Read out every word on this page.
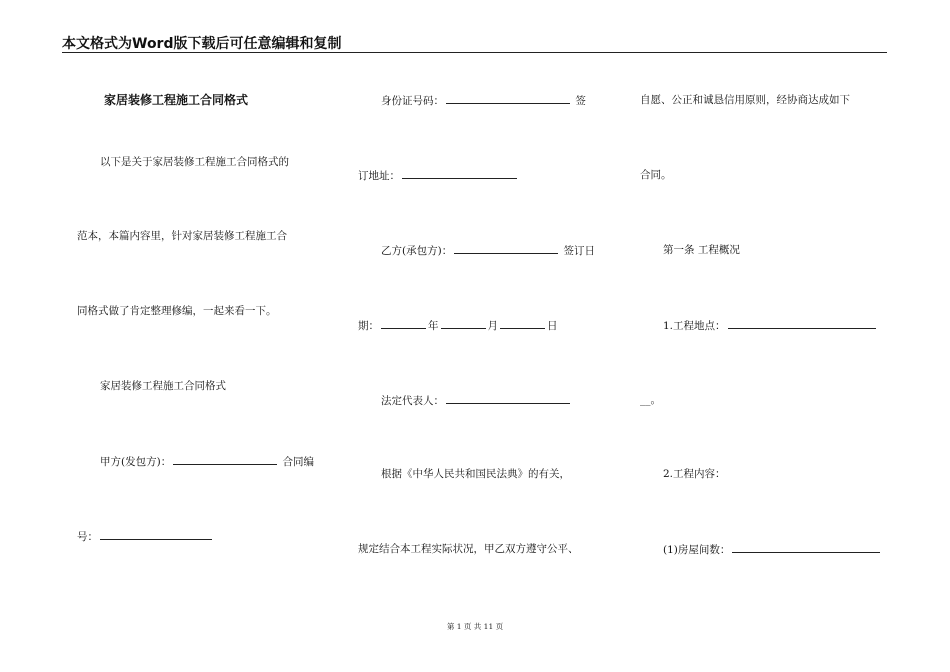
本文格式为Word版下载后可任意编辑和复制
家居装修工程施工合同格式
以下是关于家居装修工程施工合同格式的
范本，本篇内容里，针对家居装修工程施工合
同格式做了肯定整理修编，一起来看一下。
家居装修工程施工合同格式
甲方(发包方)：	合同编
号：
身份证号码：	签
订地址：
乙方(承包方)：	签订日
期：	年	月	日
法定代表人：
根据《中华人民共和国民法典》的有关，
规定结合本工程实际状况，甲乙双方遵守公平、
自愿、公正和诚恳信用原则，经协商达成如下
合同。
第一条 工程概况
1.工程地点：
__。
2.工程内容：
(1)房屋间数：
第 1 页 共 11 页
